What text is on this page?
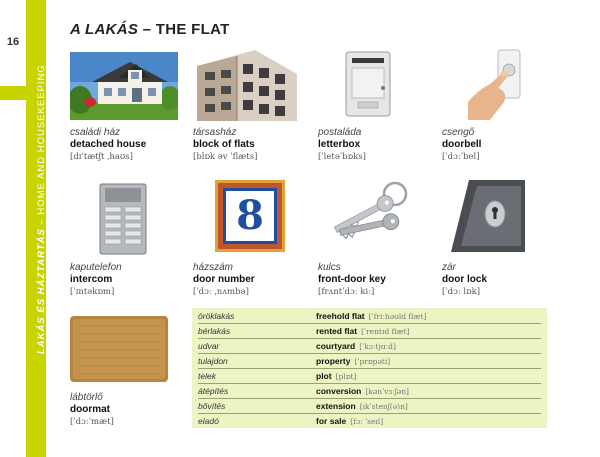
16
LAKÁS ÉS HÁZTARTÁS – HOME AND HOUSEKEEPING
A LAKÁS – THE FLAT
családi ház
detached house
[dɪˈtætʃt ˌhaʊs]
társasház
block of flats
[blɒk əv ˈflæts]
postaláda
letterbox
[ˈletəˈbɒks]
csengő
doorbell
[ˈdɔːˈbel]
kaputelefon
intercom
[ˈɪntəkɒm]
8
házszám
door number
[ˈdɔː ˌnʌmbə]
kulcs
front-door key
[frʌntˈdɔː kiː]
zár
door lock
[ˈdɔː lɒk]
lábtörlő
doormat
[ˈdɔːˈmæt]
öröklakás	freehold flat [ˈfriːhəʊld flæt]
bérlakás	rented flat [ˈrentɪd flæt]
udvar	courtyard [ˈkɔːtjɑːd]
tulajdon	property [ˈprɒpəti]
telek	plot [plɒt]
átépítés	conversion [kənˈvɜːʃən]
bővítés	extension [ɪkˈstenʃ(ə)n]
eladó	for sale [fɔː ˈseɪl]
